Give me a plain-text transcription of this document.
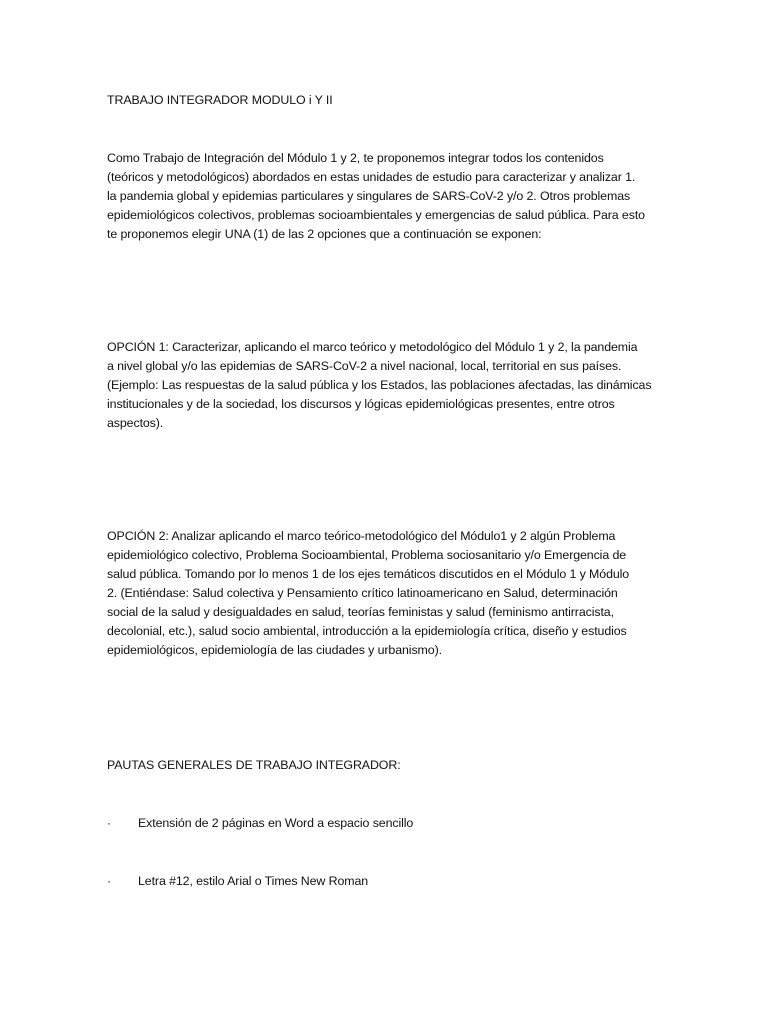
TRABAJO INTEGRADOR MODULO i Y II
Como Trabajo de Integración del Módulo 1 y 2, te proponemos integrar todos los contenidos
(teóricos y metodológicos) abordados en estas unidades de estudio para caracterizar y analizar 1.
la pandemia global y epidemias particulares y singulares de SARS-CoV-2 y/o 2. Otros problemas
epidemiológicos colectivos, problemas socioambientales y emergencias de salud pública. Para esto
te proponemos elegir UNA (1) de las 2 opciones que a continuación se exponen:
OPCIÓN 1: Caracterizar, aplicando el marco teórico y metodológico del Módulo 1 y 2, la pandemia
a nivel global y/o las epidemias de SARS-CoV-2 a nivel nacional, local, territorial en sus países.
(Ejemplo: Las respuestas de la salud pública y los Estados, las poblaciones afectadas, las dinámicas
institucionales y de la sociedad, los discursos y lógicas epidemiológicas presentes, entre otros
aspectos).
OPCIÓN 2: Analizar aplicando el marco teórico-metodológico del Módulo1 y 2 algún Problema
epidemiológico colectivo, Problema Socioambiental, Problema sociosanitario y/o Emergencia de
salud pública. Tomando por lo menos 1 de los ejes temáticos discutidos en el Módulo 1 y Módulo
2. (Entiéndase: Salud colectiva y Pensamiento crítico latinoamericano en Salud, determinación
social de la salud y desigualdades en salud, teorías feministas y salud (feminismo antirracista,
decolonial, etc.), salud socio ambiental, introducción a la epidemiología crítica, diseño y estudios
epidemiológicos, epidemiología de las ciudades y urbanismo).
PAUTAS GENERALES DE TRABAJO INTEGRADOR:
·	Extensión de 2 páginas en Word a espacio sencillo
·	Letra #12, estilo Arial o Times New Roman
